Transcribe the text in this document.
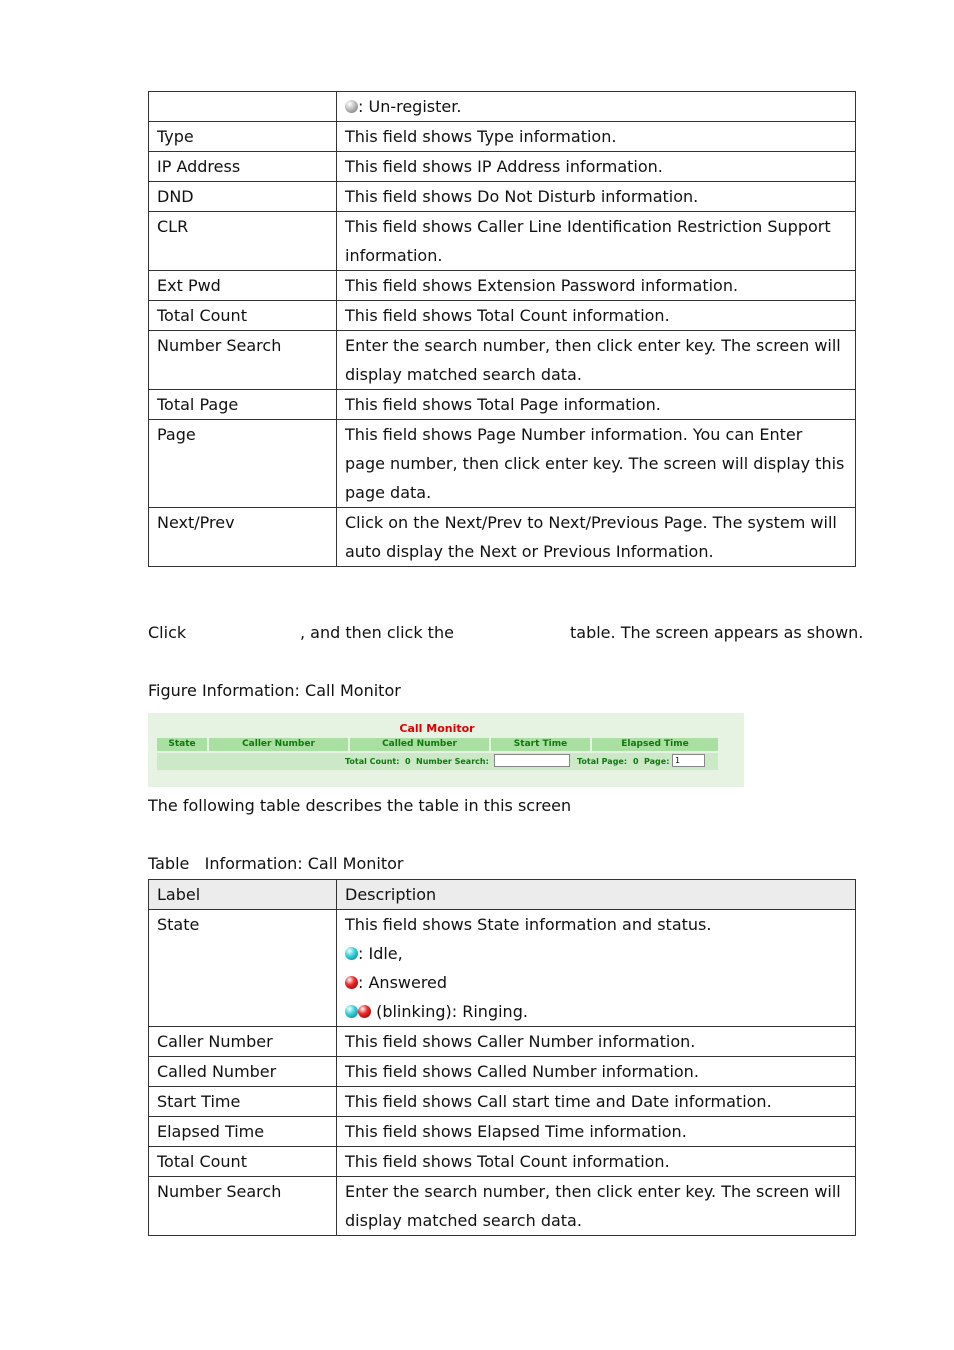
	: Un-register.
Type	This field shows Type information.
IP Address	This field shows IP Address information.
DND	This field shows Do Not Disturb information.
CLR	This field shows Caller Line Identification Restriction Support information.
Ext Pwd	This field shows Extension Password information.
Total Count	This field shows Total Count information.
Number Search	Enter the search number, then click enter key. The screen will display matched search data.
Total Page	This field shows Total Page information.
Page	This field shows Page Number information. You can Enter page number, then click enter key. The screen will display this page data.
Next/Prev	Click on the Next/Prev to Next/Previous Page. The system will auto display the Next or Previous Information.

Click	, and then click the	table. The screen appears as shown.

Figure Information: Call Monitor

Call Monitor
State	Caller Number	Called Number	Start Time	Elapsed Time
Total Count: 0 Number Search:	Total Page: 0 Page: 1

The following table describes the table in this screen

Table   Information: Call Monitor

Label	Description
State	This field shows State information and status.
: Idle,
: Answered
(blinking): Ringing.

Caller Number	This field shows Caller Number information.
Called Number	This field shows Called Number information.
Start Time	This field shows Call start time and Date information.
Elapsed Time	This field shows Elapsed Time information.
Total Count	This field shows Total Count information.
Number Search	Enter the search number, then click enter key. The screen will display matched search data.
